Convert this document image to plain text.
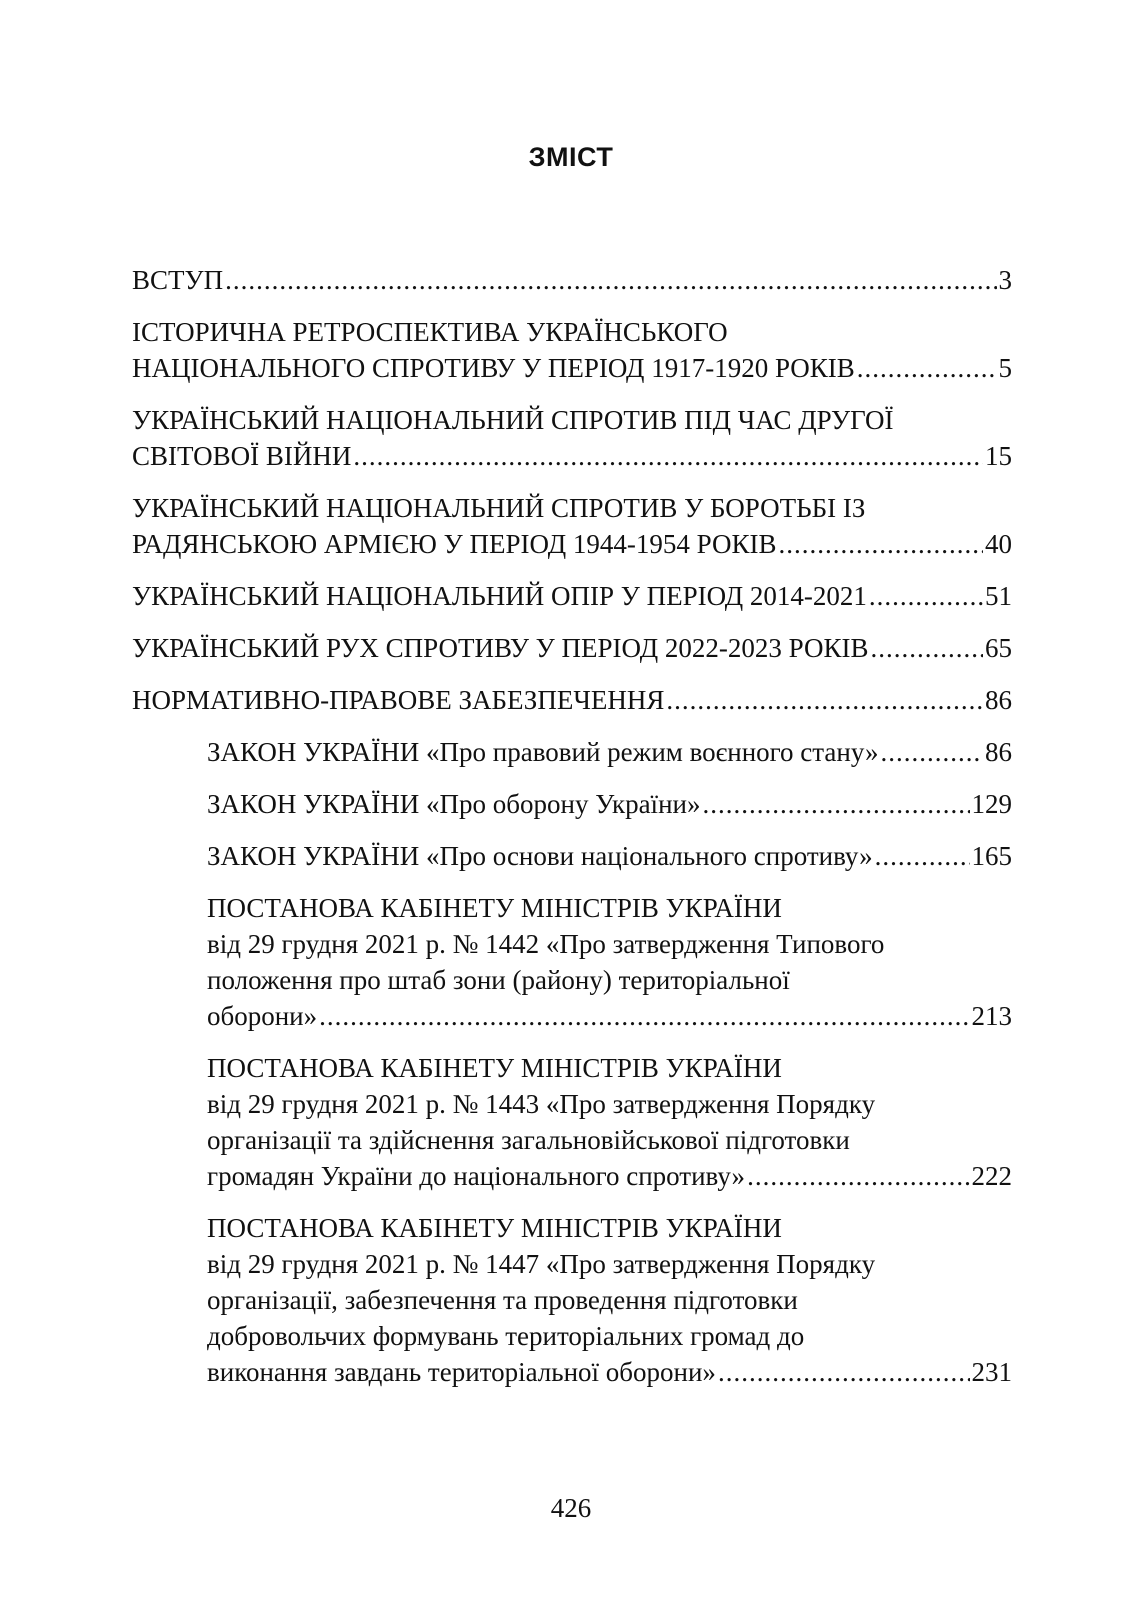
ЗМІСТ
ВСТУП .....	3
ІСТОРИЧНА РЕТРОСПЕКТИВА УКРАЇНСЬКОГО
НАЦІОНАЛЬНОГО СПРОТИВУ У ПЕРІОД 1917-1920 РОКІВ .....	5
УКРАЇНСЬКИЙ НАЦІОНАЛЬНИЙ СПРОТИВ ПІД ЧАС ДРУГОЇ
СВІТОВОЇ ВІЙНИ .....	15
УКРАЇНСЬКИЙ НАЦІОНАЛЬНИЙ СПРОТИВ У БОРОТЬБІ ІЗ
РАДЯНСЬКОЮ АРМІЄЮ У ПЕРІОД 1944-1954 РОКІВ .....	40
УКРАЇНСЬКИЙ НАЦІОНАЛЬНИЙ ОПІР У ПЕРІОД 2014-2021 .....	51
УКРАЇНСЬКИЙ РУХ СПРОТИВУ У ПЕРІОД 2022-2023 РОКІВ .....	65
НОРМАТИВНО-ПРАВОВЕ ЗАБЕЗПЕЧЕННЯ .....	86
ЗАКОН УКРАЇНИ «Про правовий режим воєнного стану» .....	86
ЗАКОН УКРАЇНИ «Про оборону України» .....	129
ЗАКОН УКРАЇНИ «Про основи національного спротиву» .....	165
ПОСТАНОВА КАБІНЕТУ МІНІСТРІВ УКРАЇНИ
від 29 грудня 2021 р. № 1442 «Про затвердження Типового
положення про штаб зони (району) територіальної
оборони» .....	213
ПОСТАНОВА КАБІНЕТУ МІНІСТРІВ УКРАЇНИ
від 29 грудня 2021 р. № 1443 «Про затвердження Порядку
організації та здійснення загальновійськової підготовки
громадян України до національного спротиву» .....	222
ПОСТАНОВА КАБІНЕТУ МІНІСТРІВ УКРАЇНИ
від 29 грудня 2021 р. № 1447 «Про затвердження Порядку
організації, забезпечення та проведення підготовки
добровольчих формувань територіальних громад до
виконання завдань територіальної оборони» .....	231
426
